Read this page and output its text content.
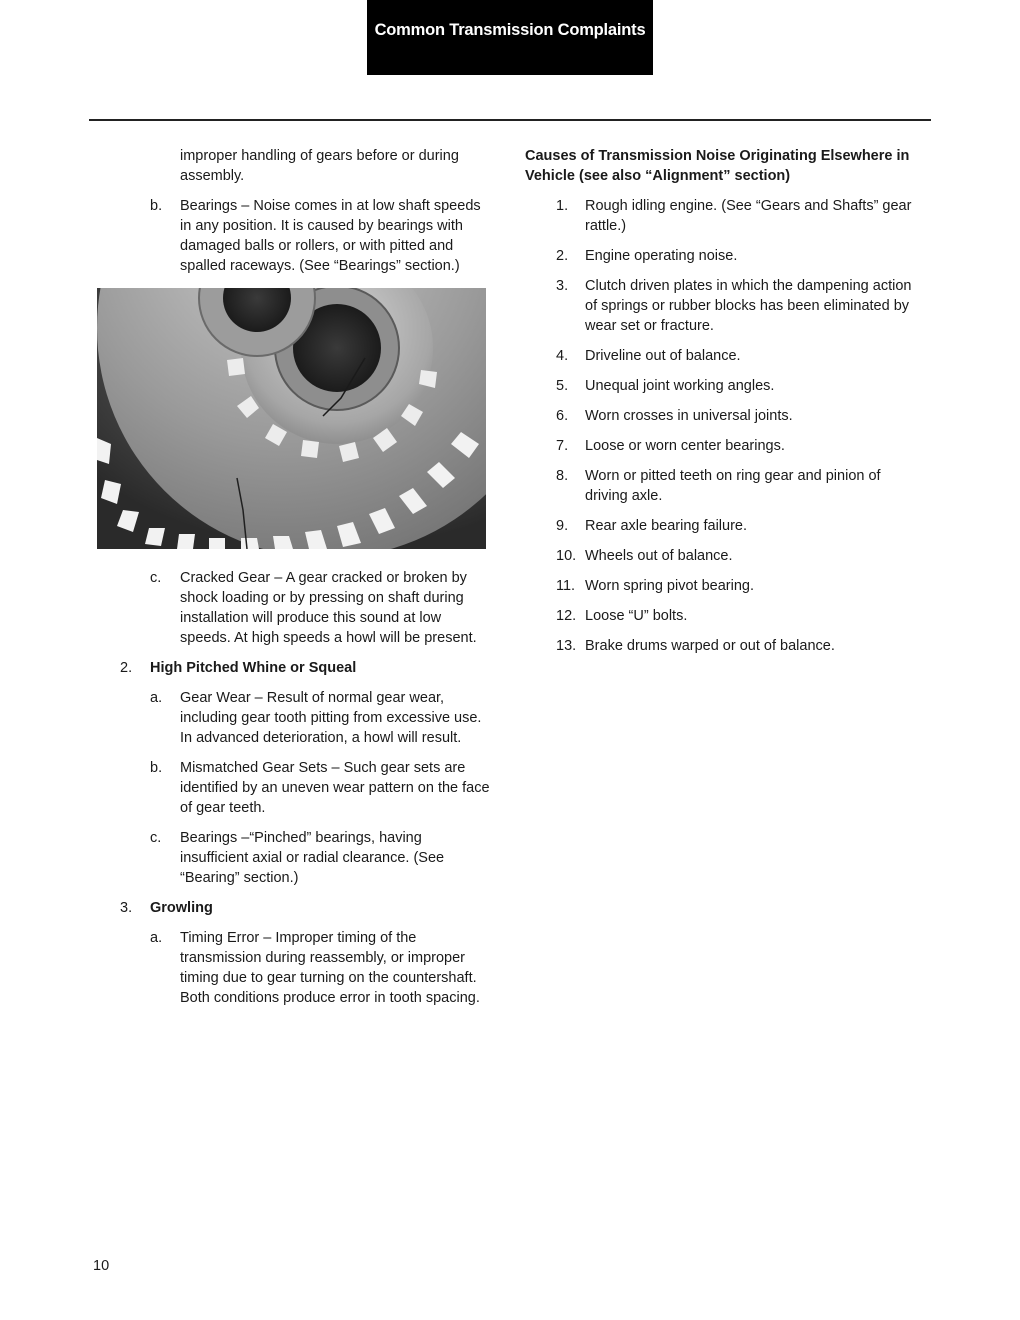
Common Transmission Complaints
improper handling of gears before or during assembly.
b. Bearings – Noise comes in at low shaft speeds in any position. It is caused by bearings with damaged balls or rollers, or with pitted and spalled raceways. (See “Bearings” section.)
c. Cracked Gear – A gear cracked or broken by shock loading or by pressing on shaft during installation will produce this sound at low speeds. At high speeds a howl will be present.
2. High Pitched Whine or Squeal
a. Gear Wear – Result of normal gear wear, including gear tooth pitting from excessive use. In advanced deterioration, a howl will result.
b. Mismatched Gear Sets – Such gear sets are identified by an uneven wear pattern on the face of gear teeth.
c. Bearings –“Pinched” bearings, having insufficient axial or radial clearance. (See “Bearing” section.)
3. Growling
a. Timing Error – Improper timing of the transmission during reassembly, or improper timing due to gear turning on the countershaft. Both conditions produce error in tooth spacing.
Causes of Transmission Noise Originating Elsewhere in Vehicle (see also “Alignment” section)
1. Rough idling engine. (See “Gears and Shafts” gear rattle.)
2. Engine operating noise.
3. Clutch driven plates in which the dampening action of springs or rubber blocks has been eliminated by wear set or fracture.
4. Driveline out of balance.
5. Unequal joint working angles.
6. Worn crosses in universal joints.
7. Loose or worn center bearings.
8. Worn or pitted teeth on ring gear and pinion of driving axle.
9. Rear axle bearing failure.
10. Wheels out of balance.
11. Worn spring pivot bearing.
12. Loose “U” bolts.
13. Brake drums warped or out of balance.
10
